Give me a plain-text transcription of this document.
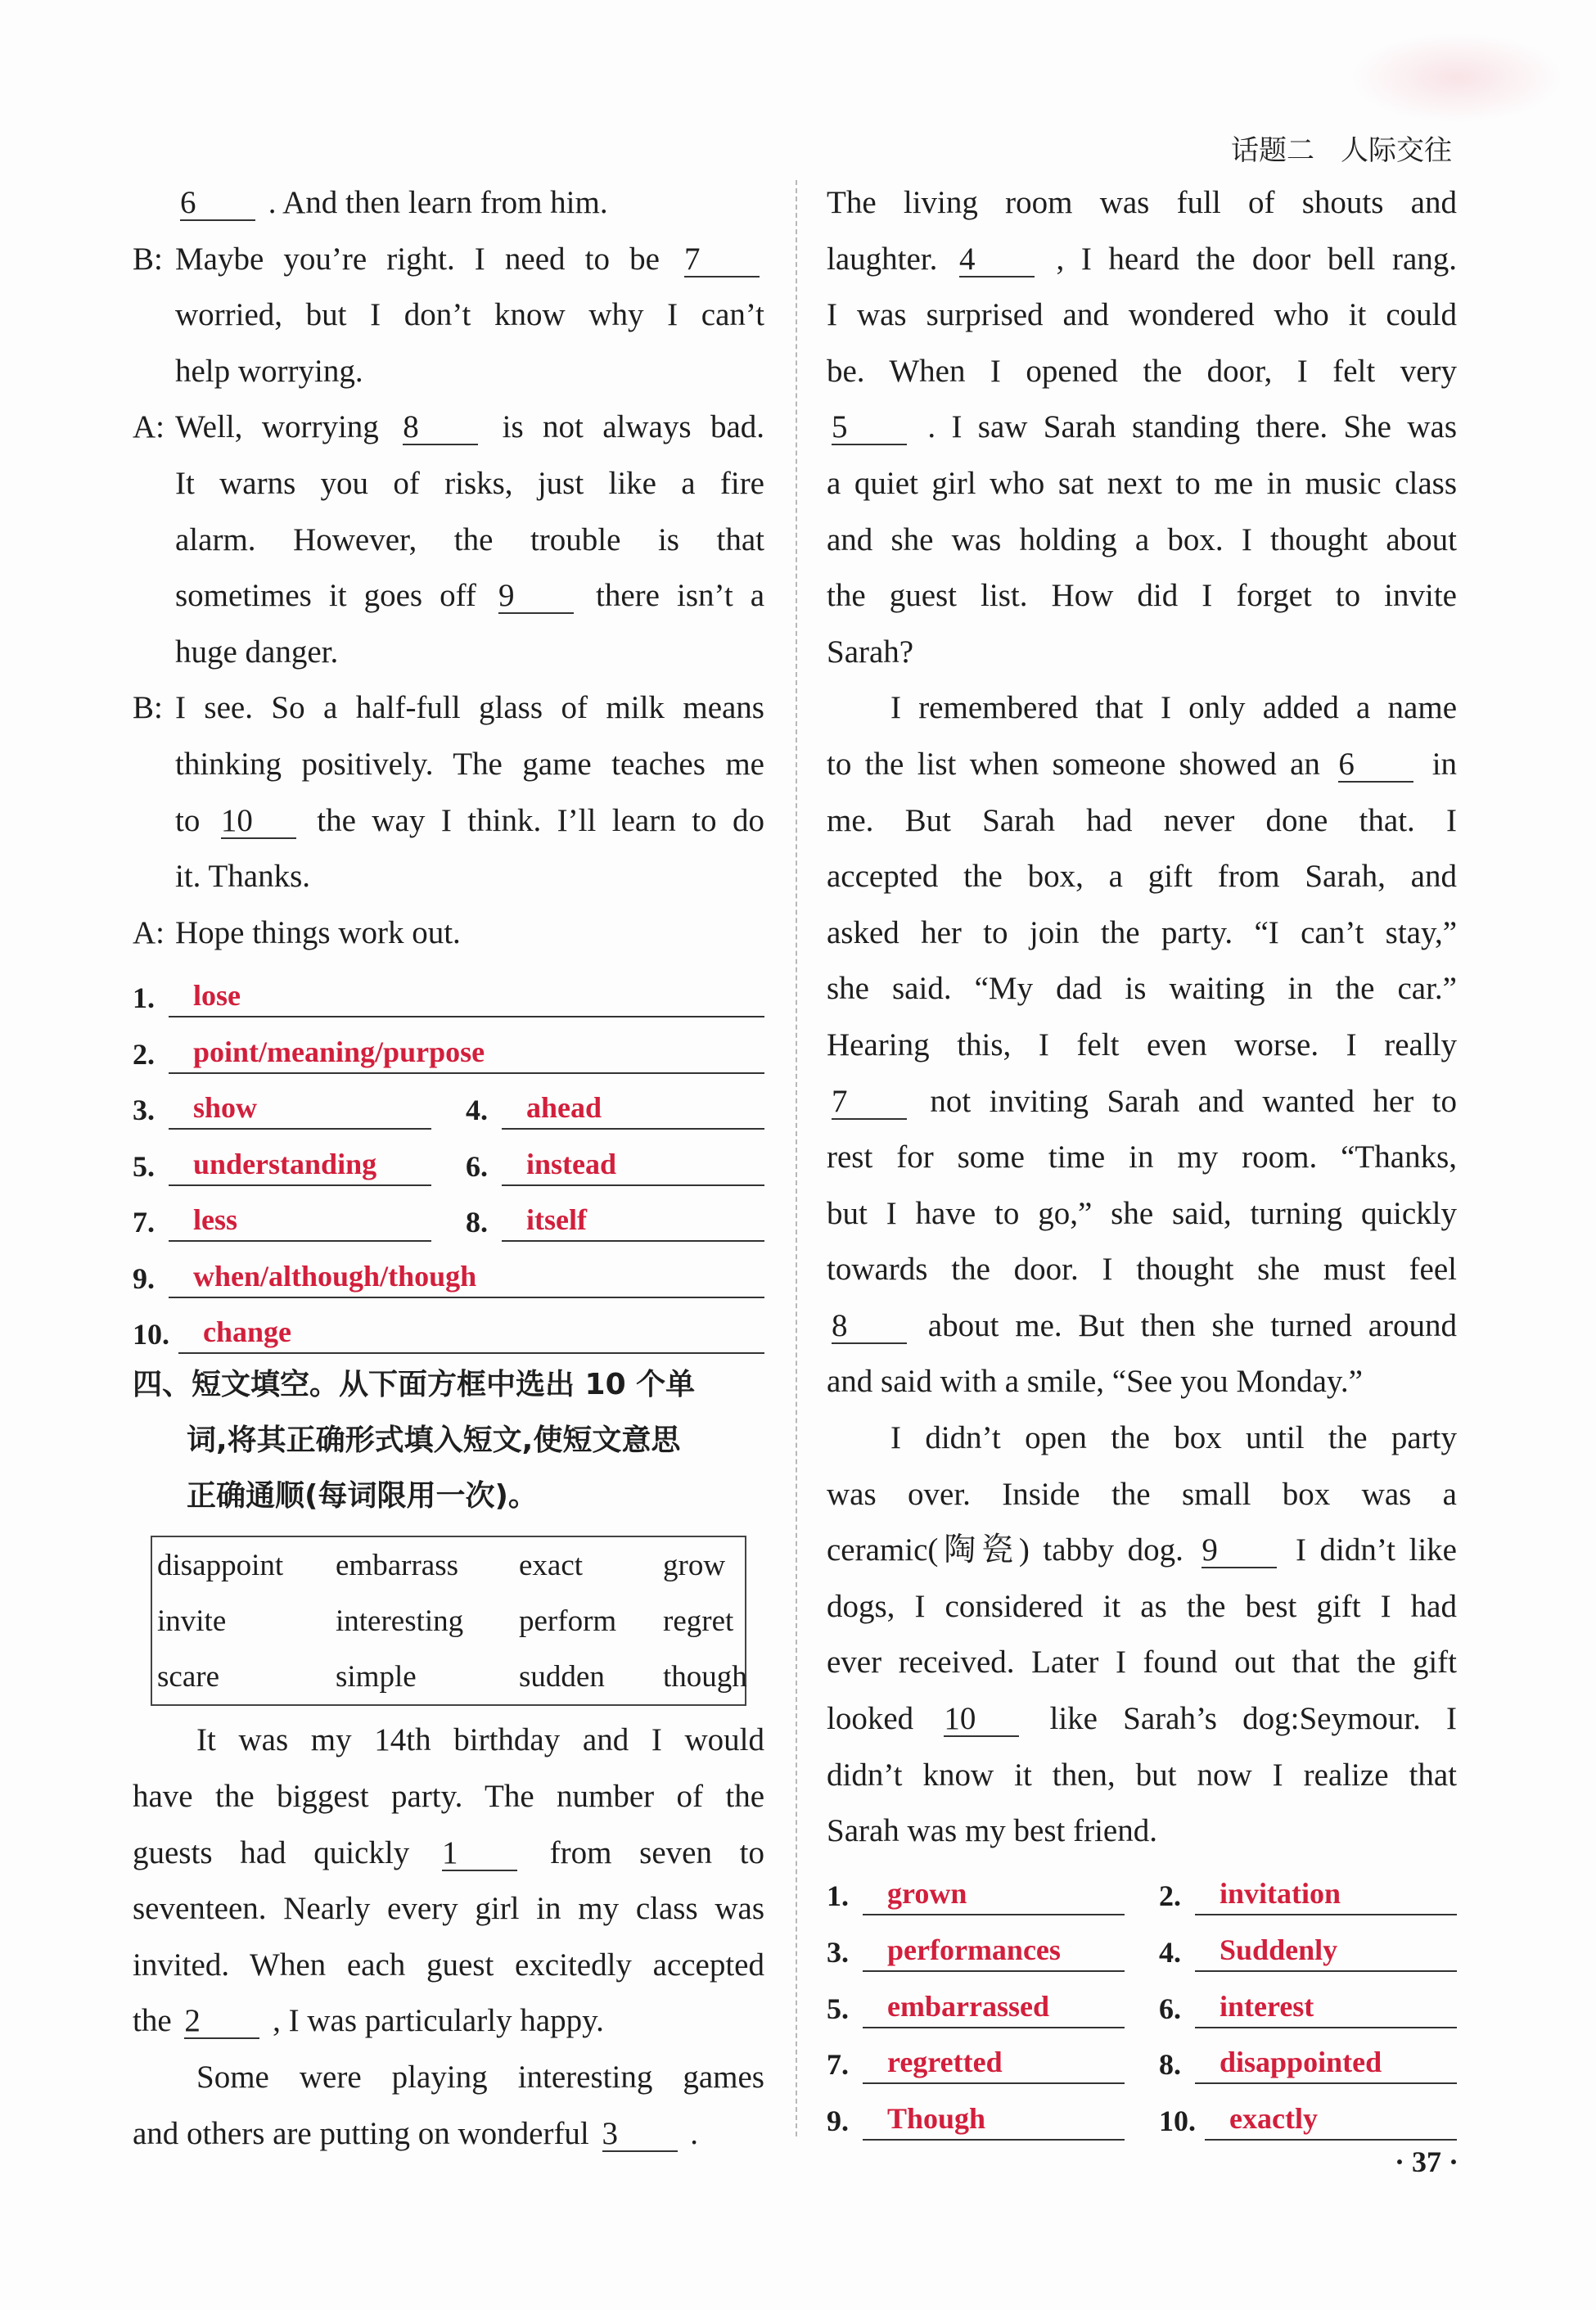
话题二 人际交往

6 . And then learn from him.

B: Maybe you’re right. I need to be 7

worried, but I don’t know why I can’t

help worrying.

A: Well, worrying 8	is not always bad.

It warns you of risks, just like a fire

alarm. However, the trouble is that

sometimes it goes off 9	there isn’t a

huge danger.

B: I see. So a half-full glass of milk means

thinking positively. The game teaches me

to 10 the way I think. I’ll learn to do

it. Thanks.

A: Hope things work out.

1.	lose
2.	point/meaning/purpose
3.	show	4.	ahead
5.	understanding	6.	instead
7.	less	8.	itself
9.	when/although/though
10.	change
四、短文填空。从下面方框中选出 10 个单
词,将其正确形式填入短文,使短文意思
正确通顺(每词限用一次)。
disappoint	embarrass	exact	grow
invite	interesting	perform	regret
scare	simple	sudden	though

It was my 14th birthday and I would

have the biggest party. The number of the

guests had quickly 1	from seven to

seventeen. Nearly every girl in my class was

invited. When each guest excitedly accepted

the 2 , I was particularly happy.

Some were playing interesting games

and others are putting on wonderful 3 .

The living room was full of shouts and

laughter. 4	, I heard the door bell rang.

I was surprised and wondered who it could

be. When I opened the door, I felt very

5	. I saw Sarah standing there. She was

a quiet girl who sat next to me in music class

and she was holding a box. I thought about

the guest list. How did I forget to invite

Sarah?

I remembered that I only added a name

to the list when someone showed an 6 in

me. But Sarah had never done that. I

accepted the box, a gift from Sarah, and

asked her to join the party. “I can’t stay,”

she said. “My dad is waiting in the car.”

Hearing this, I felt even worse. I really

7	not inviting Sarah and wanted her to

rest for some time in my room. “Thanks,

but I have to go,” she said, turning quickly

towards the door. I thought she must feel

8	about me. But then she turned around

and said with a smile, “See you Monday.”

I didn’t open the box until the party

was over. Inside the small box was a

ceramic(陶瓷) tabby dog. 9 I didn’t like

dogs, I considered it as the best gift I had

ever received. Later I found out that the gift

looked 10 like Sarah’s dog:Seymour. I

didn’t know it then, but now I realize that

Sarah was my best friend.

1.	grown	2.	invitation
3.	performances	4.	Suddenly
5.	embarrassed	6.	interest
7.	regretted	8.	disappointed
9.	Though	10.	exactly
· 37 ·
